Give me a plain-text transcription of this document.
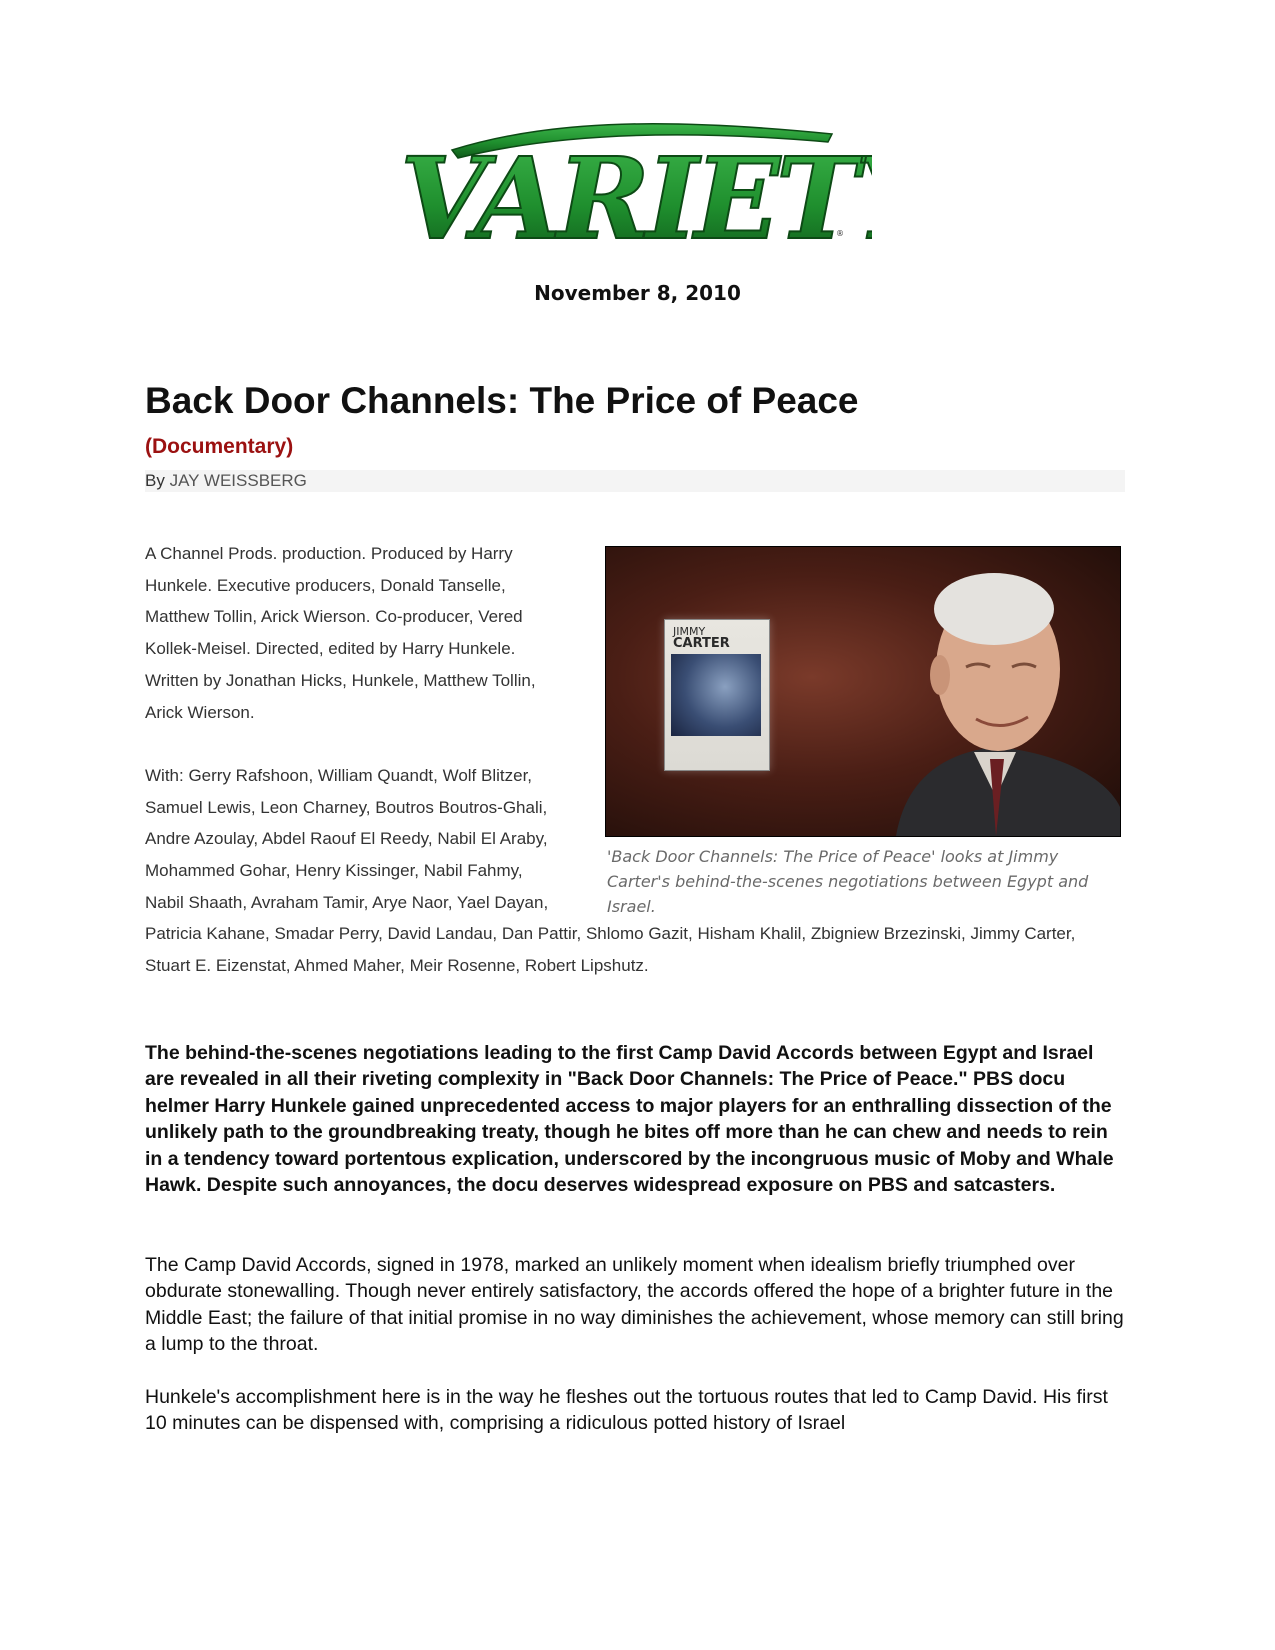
VARIET
®
November 8, 2010
Back Door Channels: The Price of Peace
(Documentary)
By JAY WEISSBERG
JIMMY
CARTER
'Back Door Channels: The Price of Peace' looks at Jimmy Carter's behind-the-scenes negotiations between Egypt and Israel.

A Channel Prods. production. Produced by Harry Hunkele. Executive producers, Donald Tanselle, Matthew Tollin, Arick Wierson. Co-producer, Vered Kollek-Meisel. Directed, edited by Harry Hunkele. Written by Jonathan Hicks, Hunkele, Matthew Tollin, Arick Wierson.

With: Gerry Rafshoon, William Quandt, Wolf Blitzer, Samuel Lewis, Leon Charney, Boutros Boutros-Ghali, Andre Azoulay, Abdel Raouf El Reedy, Nabil El Araby, Mohammed Gohar, Henry Kissinger, Nabil Fahmy, Nabil Shaath, Avraham Tamir, Arye Naor, Yael Dayan, Patricia Kahane, Smadar Perry, David Landau, Dan Pattir, Shlomo Gazit, Hisham Khalil, Zbigniew Brzezinski, Jimmy Carter, Stuart E. Eizenstat, Ahmed Maher, Meir Rosenne, Robert Lipshutz.

The behind-the-scenes negotiations leading to the first Camp David Accords between Egypt and Israel are revealed in all their riveting complexity in "Back Door Channels: The Price of Peace." PBS docu helmer Harry Hunkele gained unprecedented access to major players for an enthralling dissection of the unlikely path to the groundbreaking treaty, though he bites off more than he can chew and needs to rein in a tendency toward portentous explication, underscored by the incongruous music of Moby and Whale Hawk. Despite such annoyances, the docu deserves widespread exposure on PBS and satcasters.

The Camp David Accords, signed in 1978, marked an unlikely moment when idealism briefly triumphed over obdurate stonewalling. Though never entirely satisfactory, the accords offered the hope of a brighter future in the Middle East; the failure of that initial promise in no way diminishes the achievement, whose memory can still bring a lump to the throat.

Hunkele's accomplishment here is in the way he fleshes out the tortuous routes that led to Camp David. His first 10 minutes can be dispensed with, comprising a ridiculous potted history of Israel
